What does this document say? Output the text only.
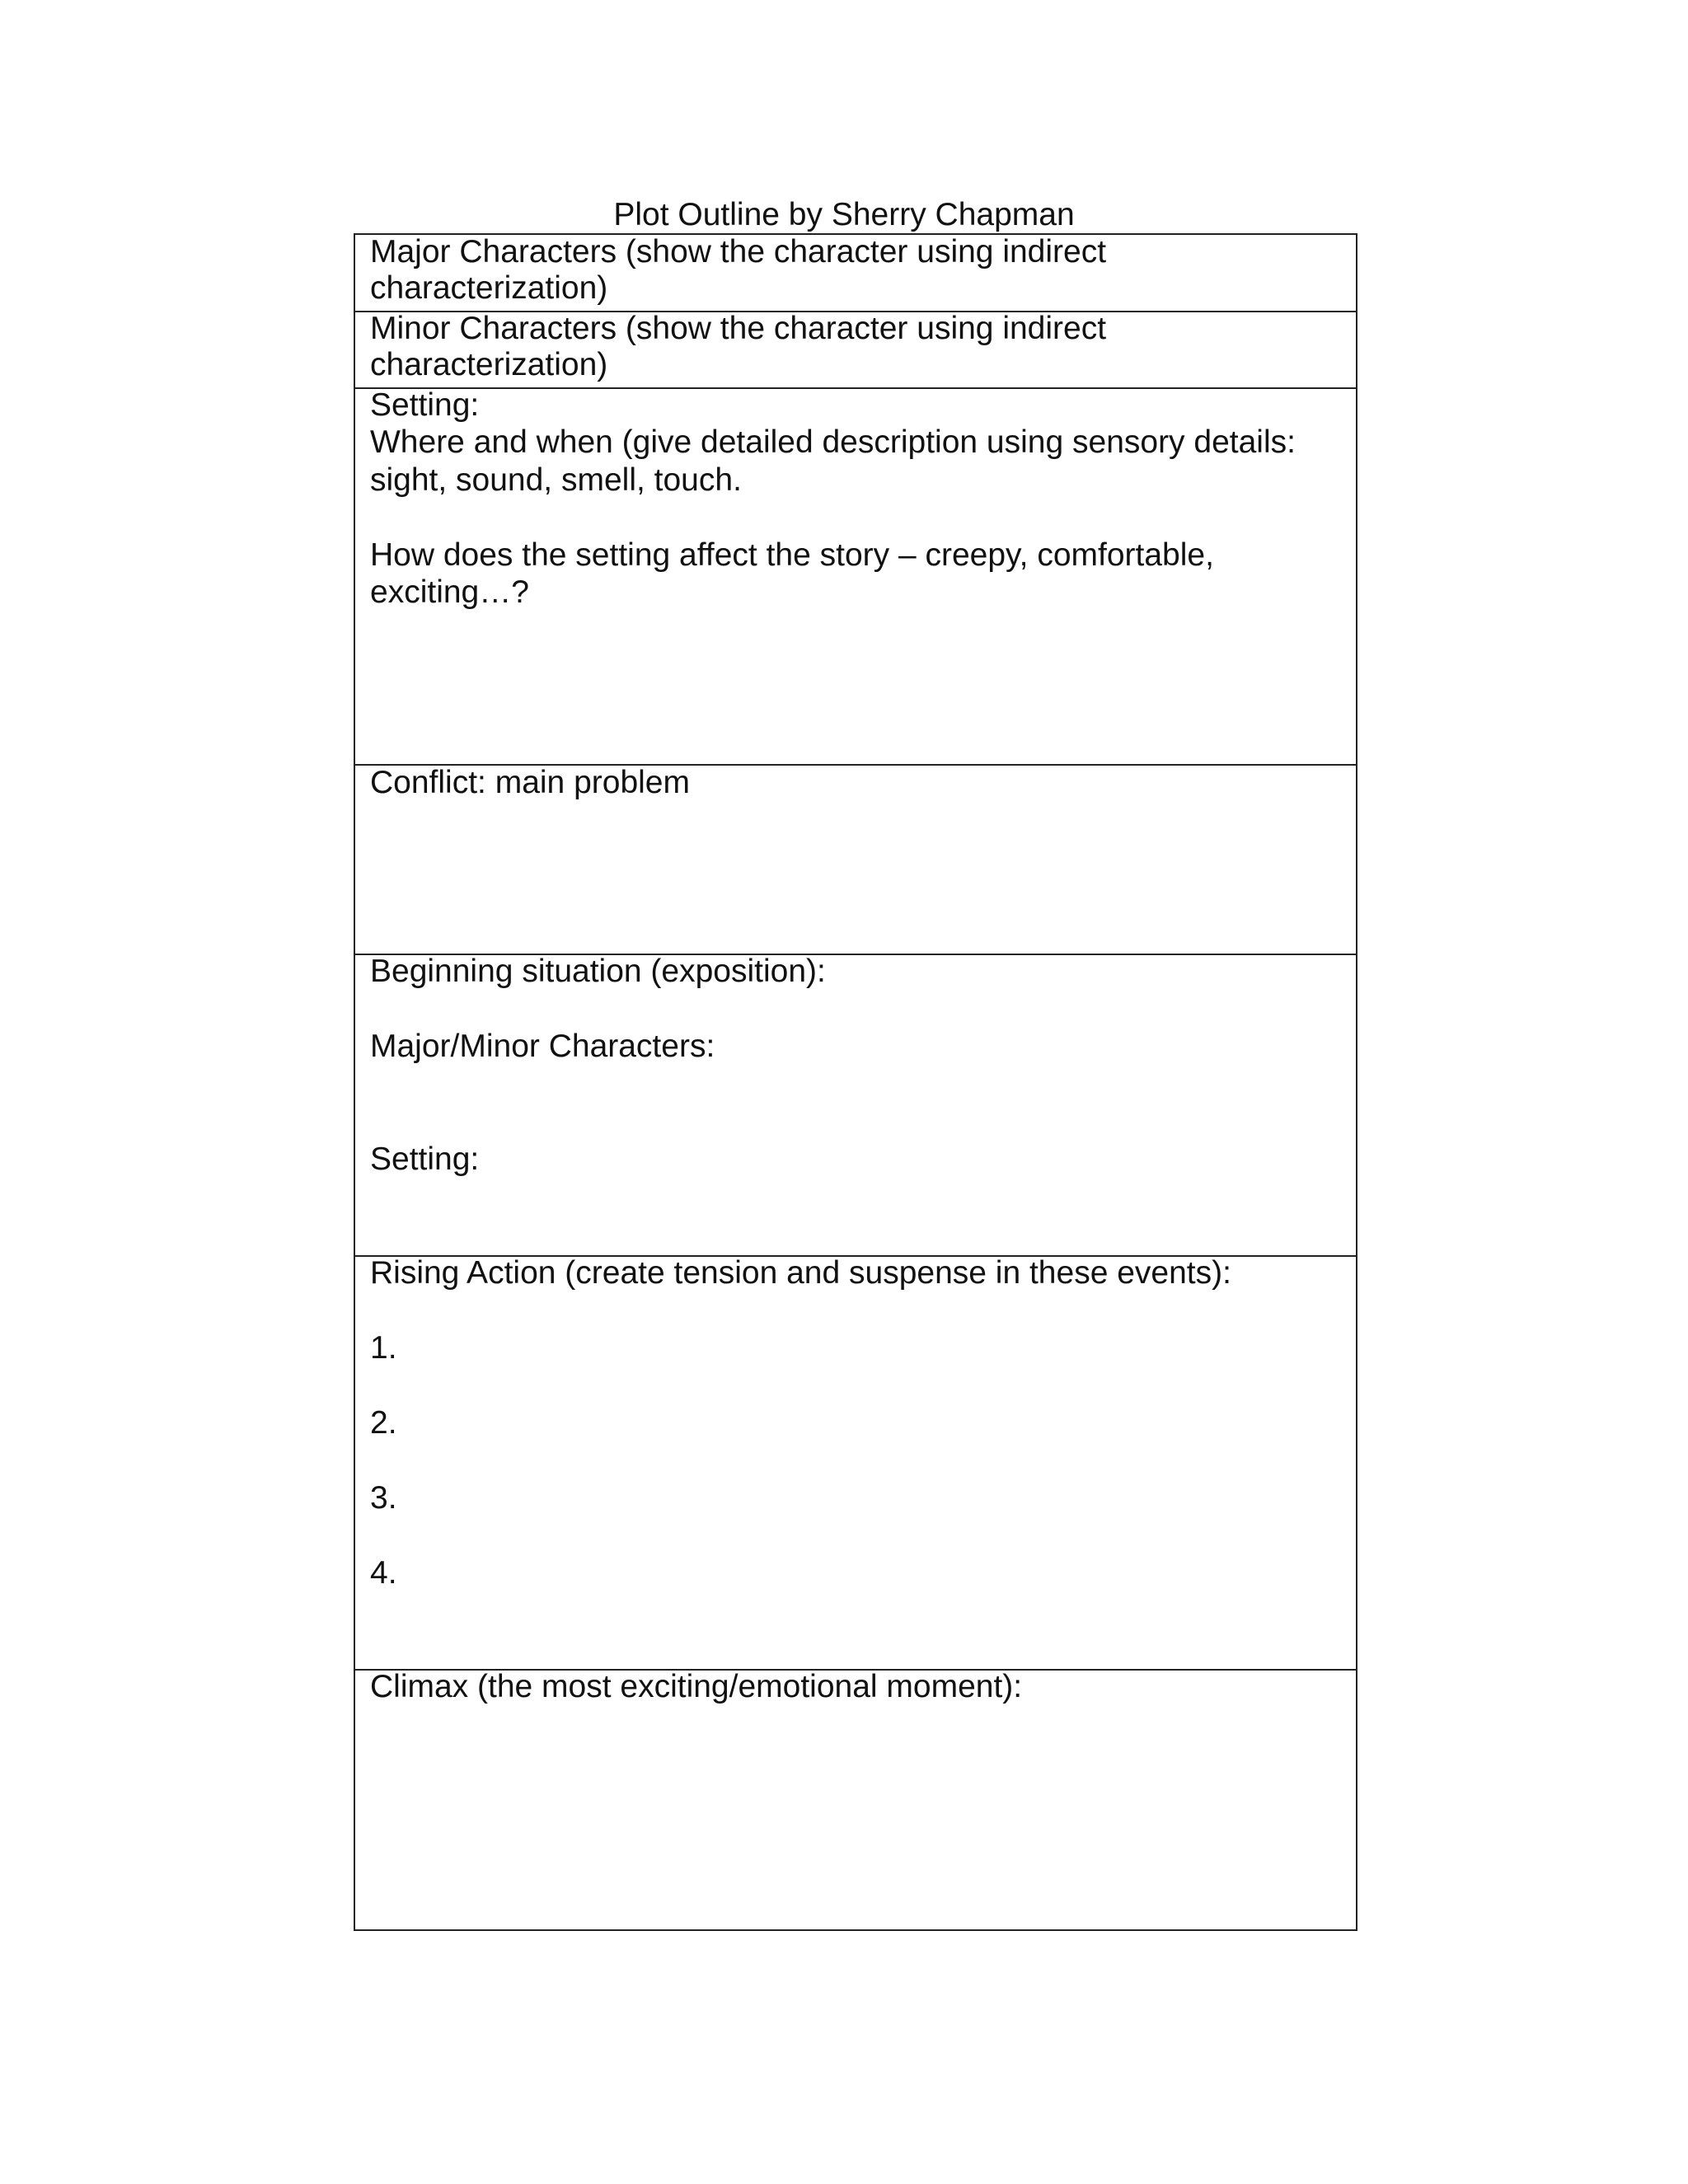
Plot Outline by Sherry Chapman
Major Characters (show the character using indirect
characterization)
Minor Characters (show the character using indirect
characterization)
Setting:
Where and when (give detailed description using sensory details:
sight, sound, smell, touch.
How does the setting affect the story – creepy, comfortable,
exciting…?
Conflict: main problem
Beginning situation (exposition):
Major/Minor Characters:
Setting:
Rising Action (create tension and suspense in these events):
1.
2.
3.
4.
Climax (the most exciting/emotional moment):
